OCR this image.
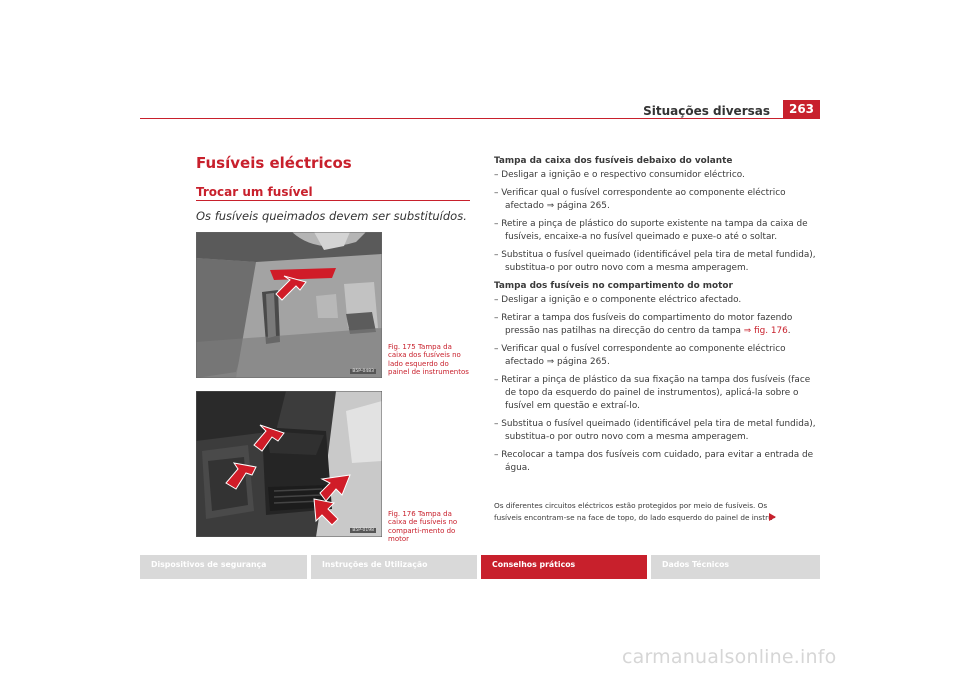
Situações diversas	263
Fusíveis eléctricos
Trocar um fusível
Os fusíveis queimados devem ser substituídos.
B5P-0483
Fig. 175 Tampa da caixa dos fusíveis no lado esquerdo do painel de instrumentos
B5P-0198
Fig. 176 Tampa da caixa de fusíveis no comparti-mento do motor
Tampa da caixa dos fusíveis debaixo do volante
– Desligar a ignição e o respectivo consumidor eléctrico.
– Verificar qual o fusível correspondente ao componente eléctrico afectado ⇒ página 265.
– Retire a pinça de plástico do suporte existente na tampa da caixa de fusíveis, encaixe-a no fusível queimado e puxe-o até o soltar.
– Substitua o fusível queimado (identificável pela tira de metal fundida), substitua-o por outro novo com a mesma amperagem.
Tampa dos fusíveis no compartimento do motor
– Desligar a ignição e o componente eléctrico afectado.
– Retirar a tampa dos fusíveis do compartimento do motor fazendo pressão nas patilhas na direcção do centro da tampa ⇒ fig. 176.
– Verificar qual o fusível correspondente ao componente eléctrico afectado ⇒ página 265.
– Retirar a pinça de plástico da sua fixação na tampa dos fusíveis (face de topo da esquerdo do painel de instrumentos), aplicá-la sobre o fusível em questão e extraí-lo.
– Substitua o fusível queimado (identificável pela tira de metal fundida), substitua-o por outro novo com a mesma amperagem.
– Recolocar a tampa dos fusíveis com cuidado, para evitar a entrada de água.
Os diferentes circuitos eléctricos estão protegidos por meio de fusíveis. Os fusíveis encontram-se na face de topo, do lado esquerdo do painel de instru-
Dispositivos de segurança	Instruções de Utilização	Conselhos práticos	Dados Técnicos
carmanualsonline.info
